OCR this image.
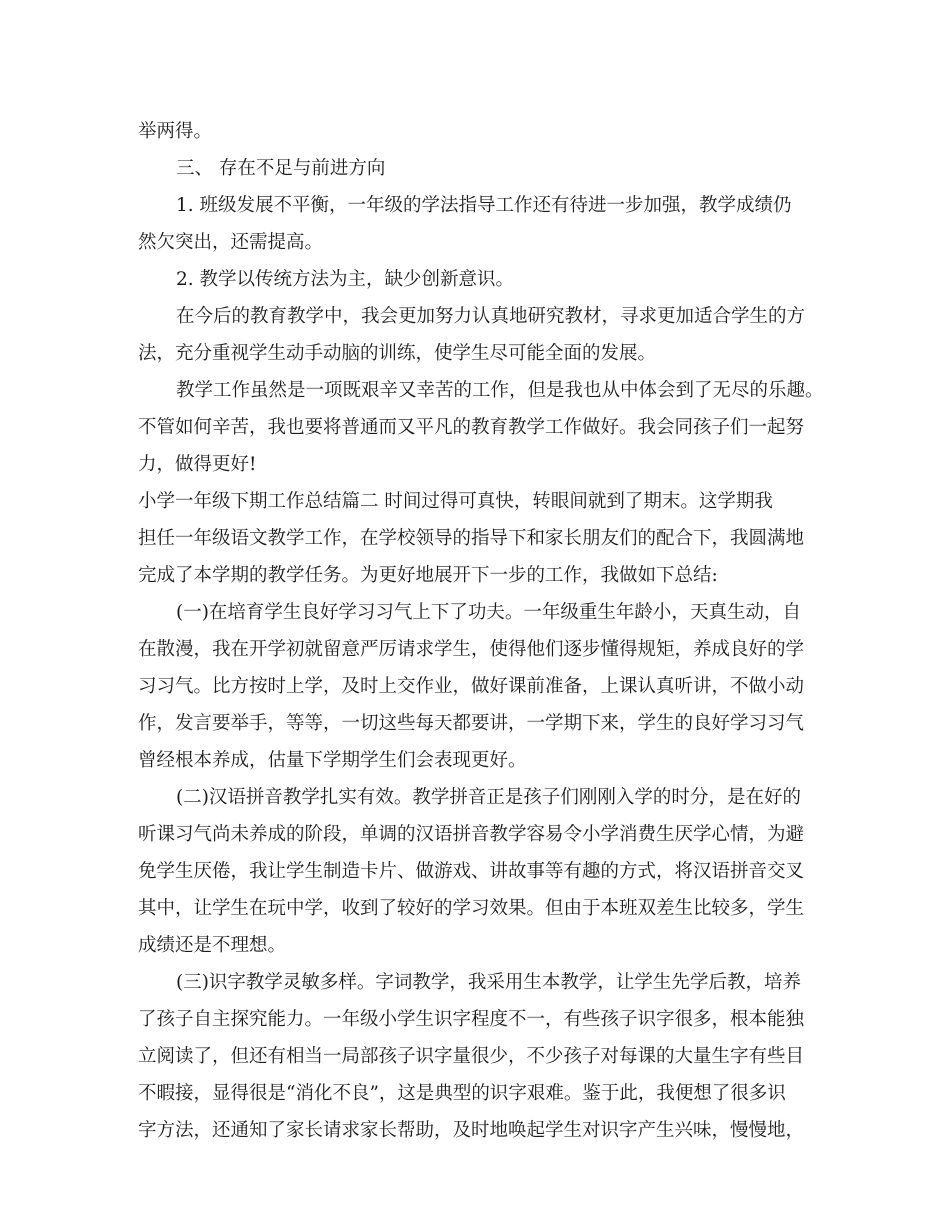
举两得。
三、 存在不足与前进方向
1. 班级发展不平衡，一年级的学法指导工作还有待进一步加强，教学成绩仍
然欠突出，还需提高。
2. 教学以传统方法为主，缺少创新意识。
在今后的教育教学中，我会更加努力认真地研究教材，寻求更加适合学生的方
法，充分重视学生动手动脑的训练，使学生尽可能全面的发展。
教学工作虽然是一项既艰辛又幸苦的工作，但是我也从中体会到了无尽的乐趣。
不管如何辛苦，我也要将普通而又平凡的教育教学工作做好。我会同孩子们一起努
力，做得更好!
小学一年级下期工作总结篇二 时间过得可真快，转眼间就到了期末。这学期我
担任一年级语文教学工作，在学校领导的指导下和家长朋友们的配合下，我圆满地
完成了本学期的教学任务。为更好地展开下一步的工作，我做如下总结:
(一)在培育学生良好学习习气上下了功夫。一年级重生年龄小，天真生动，自
在散漫，我在开学初就留意严厉请求学生，使得他们逐步懂得规矩，养成良好的学
习习气。比方按时上学，及时上交作业，做好课前准备，上课认真听讲，不做小动
作，发言要举手，等等，一切这些每天都要讲，一学期下来，学生的良好学习习气
曾经根本养成，估量下学期学生们会表现更好。
(二)汉语拼音教学扎实有效。教学拼音正是孩子们刚刚入学的时分，是在好的
听课习气尚未养成的阶段，单调的汉语拼音教学容易令小学消费生厌学心情，为避
免学生厌倦，我让学生制造卡片、做游戏、讲故事等有趣的方式，将汉语拼音交叉
其中，让学生在玩中学，收到了较好的学习效果。但由于本班双差生比较多，学生
成绩还是不理想。
(三)识字教学灵敏多样。字词教学，我采用生本教学，让学生先学后教，培养
了孩子自主探究能力。一年级小学生识字程度不一，有些孩子识字很多，根本能独
立阅读了，但还有相当一局部孩子识字量很少，不少孩子对每课的大量生字有些目
不暇接，显得很是“消化不良”，这是典型的识字艰难。鉴于此，我便想了很多识
字方法，还通知了家长请求家长帮助，及时地唤起学生对识字产生兴味，慢慢地，
